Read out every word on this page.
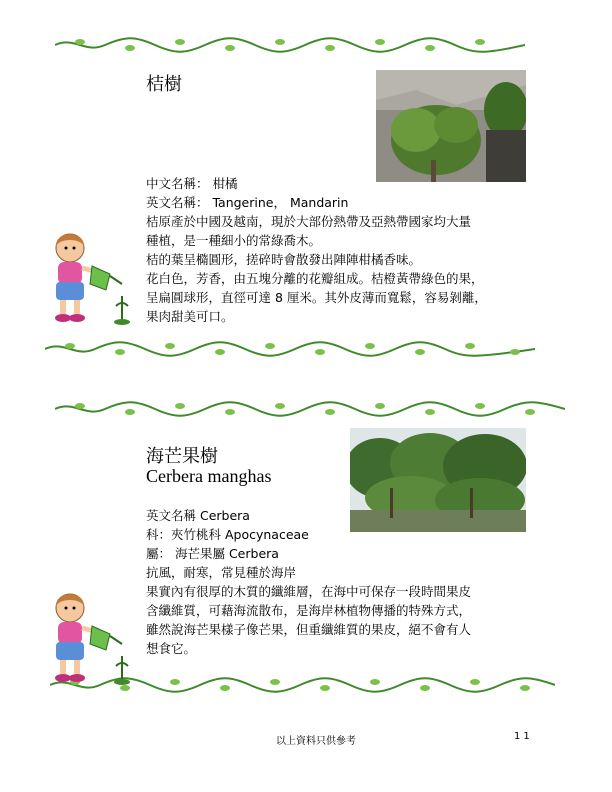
桔樹
中文名稱： 柑橘
英文名稱： Tangerine， Mandarin
桔原產於中國及越南，現於大部份熱帶及亞熱帶國家均大量
種植，是一種細小的常綠喬木。
桔的葉呈橢圓形，搓碎時會散發出陣陣柑橘香味。
花白色，芳香，由五塊分離的花瓣組成。桔橙黃帶綠色的果，
呈扁圓球形，直徑可達 8 厘米。其外皮薄而寬鬆，容易剝離，
果肉甜美可口。
海芒果樹
Cerbera manghas
英文名稱 Cerbera
科：夾竹桃科 Apocynaceae
屬： 海芒果屬 Cerbera
抗風，耐寒，常見種於海岸
果實內有很厚的木質的纖維層，在海中可保存一段時間果皮
含纖維質，可藉海流散布，是海岸林植物傳播的特殊方式，
雖然說海芒果樣子像芒果，但重纖維質的果皮，絕不會有人
想食它。
以上資料只供參考	11
